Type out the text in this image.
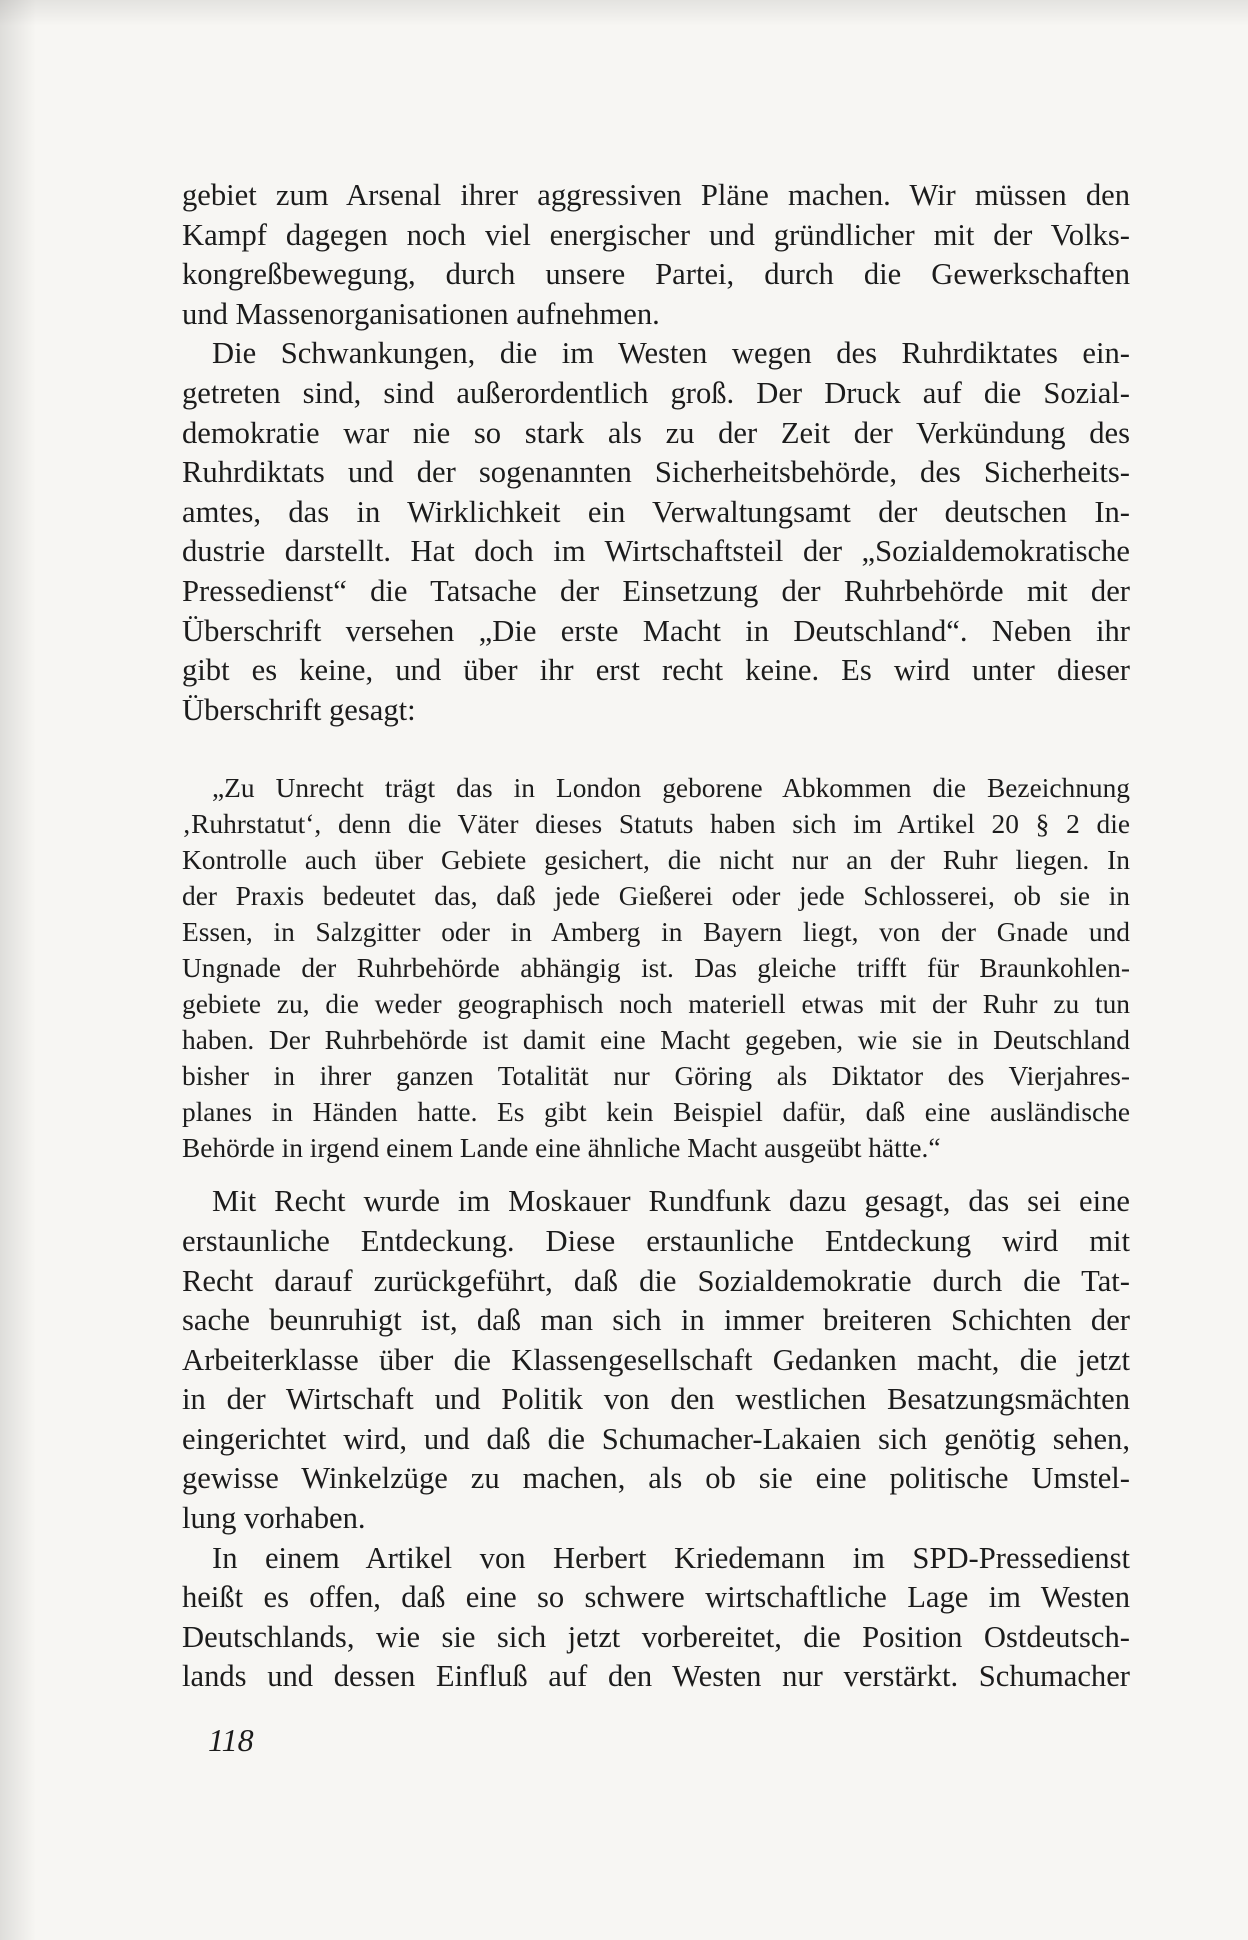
gebiet zum Arsenal ihrer aggressiven Pläne machen. Wir müssen den
Kampf dagegen noch viel energischer und gründlicher mit der Volks-
kongreßbewegung, durch unsere Partei, durch die Gewerkschaften
und Massenorganisationen aufnehmen.

Die Schwankungen, die im Westen wegen des Ruhrdiktates ein-
getreten sind, sind außerordentlich groß. Der Druck auf die Sozial-
demokratie war nie so stark als zu der Zeit der Verkündung des
Ruhrdiktats und der sogenannten Sicherheitsbehörde, des Sicherheits-
amtes, das in Wirklichkeit ein Verwaltungsamt der deutschen In-
dustrie darstellt. Hat doch im Wirtschaftsteil der „Sozialdemokratische
Pressedienst“ die Tatsache der Einsetzung der Ruhrbehörde mit der
Überschrift versehen „Die erste Macht in Deutschland“. Neben ihr
gibt es keine, und über ihr erst recht keine. Es wird unter dieser
Überschrift gesagt:

„Zu Unrecht trägt das in London geborene Abkommen die Bezeichnung
‚Ruhrstatut‘, denn die Väter dieses Statuts haben sich im Artikel 20 § 2 die
Kontrolle auch über Gebiete gesichert, die nicht nur an der Ruhr liegen. In
der Praxis bedeutet das, daß jede Gießerei oder jede Schlosserei, ob sie in
Essen, in Salzgitter oder in Amberg in Bayern liegt, von der Gnade und
Ungnade der Ruhrbehörde abhängig ist. Das gleiche trifft für Braunkohlen-
gebiete zu, die weder geographisch noch materiell etwas mit der Ruhr zu tun
haben. Der Ruhrbehörde ist damit eine Macht gegeben, wie sie in Deutschland
bisher in ihrer ganzen Totalität nur Göring als Diktator des Vierjahres-
planes in Händen hatte. Es gibt kein Beispiel dafür, daß eine ausländische
Behörde in irgend einem Lande eine ähnliche Macht ausgeübt hätte.“

Mit Recht wurde im Moskauer Rundfunk dazu gesagt, das sei eine
erstaunliche Entdeckung. Diese erstaunliche Entdeckung wird mit
Recht darauf zurückgeführt, daß die Sozialdemokratie durch die Tat-
sache beunruhigt ist, daß man sich in immer breiteren Schichten der
Arbeiterklasse über die Klassengesellschaft Gedanken macht, die jetzt
in der Wirtschaft und Politik von den westlichen Besatzungsmächten
eingerichtet wird, und daß die Schumacher-Lakaien sich genötig sehen,
gewisse Winkelzüge zu machen, als ob sie eine politische Umstel-
lung vorhaben.

In einem Artikel von Herbert Kriedemann im SPD-Pressedienst
heißt es offen, daß eine so schwere wirtschaftliche Lage im Westen
Deutschlands, wie sie sich jetzt vorbereitet, die Position Ostdeutsch-
lands und dessen Einfluß auf den Westen nur verstärkt. Schumacher

118
